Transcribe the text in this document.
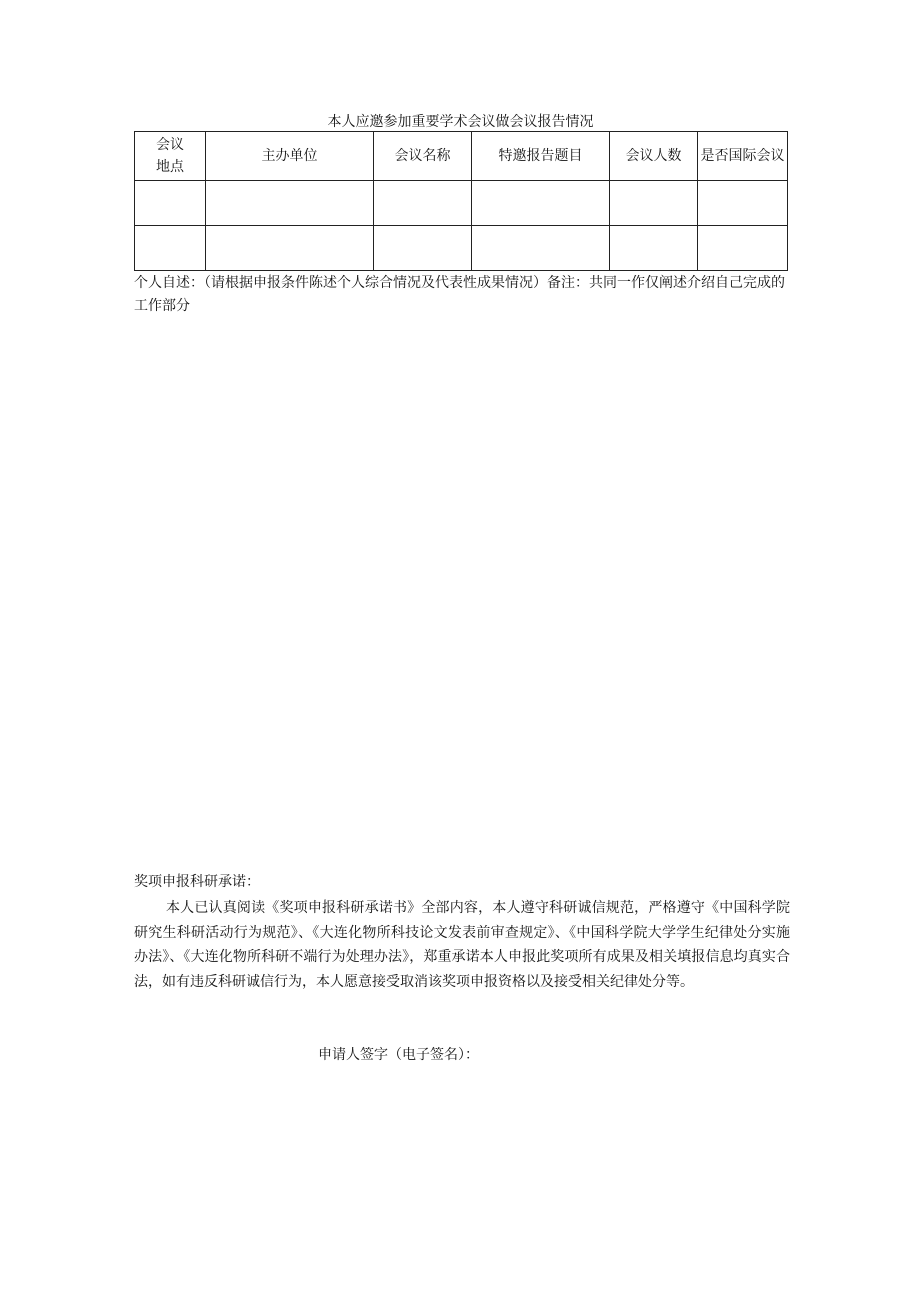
本人应邀参加重要学术会议做会议报告情况
会议
地点	主办单位	会议名称	特邀报告题目	会议人数	是否国际会议

个人自述：（请根据申报条件陈述个人综合情况及代表性成果情况）备注：共同一作仅阐述介绍自己完成的工作部分
奖项申报科研承诺：
本人已认真阅读《奖项申报科研承诺书》全部内容，本人遵守科研诚信规范，严格遵守《中国科学院研究生科研活动行为规范》、《大连化物所科技论文发表前审查规定》、《中国科学院大学学生纪律处分实施办法》、《大连化物所科研不端行为处理办法》，郑重承诺本人申报此奖项所有成果及相关填报信息均真实合法，如有违反科研诚信行为，本人愿意接受取消该奖项申报资格以及接受相关纪律处分等。
申请人签字（电子签名）：
